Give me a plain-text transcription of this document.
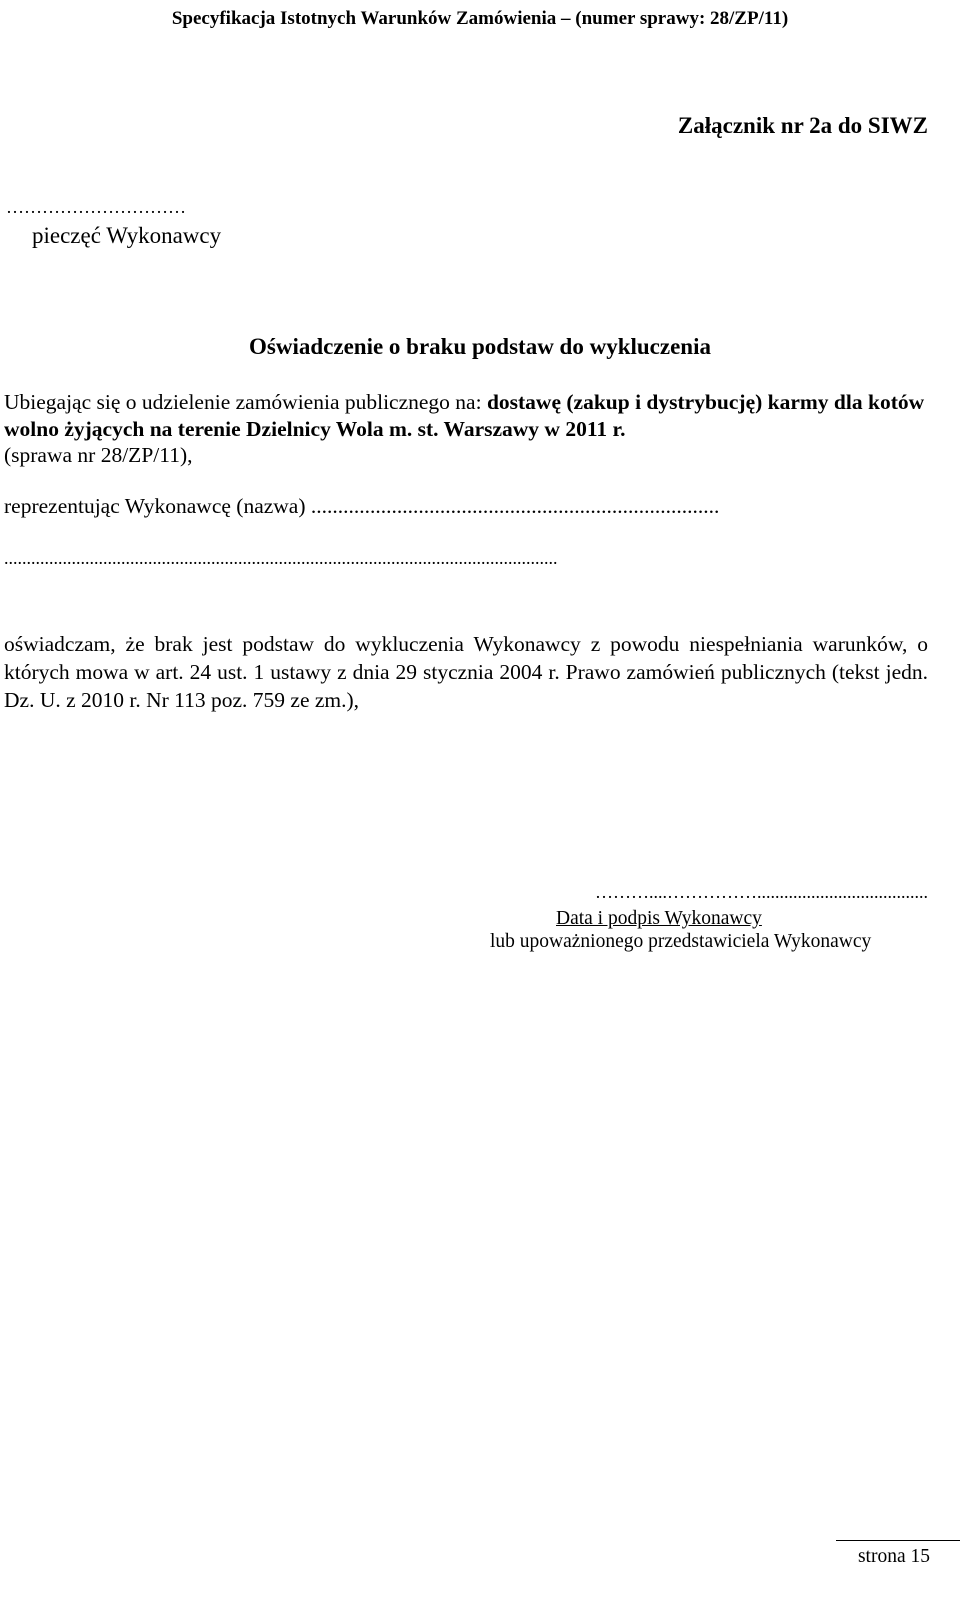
Specyfikacja Istotnych Warunków Zamówienia – (numer sprawy: 28/ZP/11)
Załącznik nr 2a do SIWZ
…………………………
pieczęć Wykonawcy
Oświadczenie o braku podstaw do wykluczenia
Ubiegając się o udzielenie zamówienia publicznego na: dostawę (zakup i dystrybucję) karmy dla kotów wolno żyjących na terenie Dzielnicy Wola m. st. Warszawy w 2011 r.
(sprawa nr 28/ZP/11),
reprezentując Wykonawcę (nazwa) ............................................................................
...........................................................................................................................
oświadczam, że brak jest podstaw do wykluczenia Wykonawcy z powodu niespełniania warunków, o których mowa w art. 24 ust. 1 ustawy z dnia 29 stycznia 2004 r. Prawo zamówień publicznych (tekst jedn. Dz. U. z 2010 r. Nr 113 poz. 759 ze zm.),
………....……………......................................
Data i podpis Wykonawcy
lub upoważnionego przedstawiciela Wykonawcy
strona 15
